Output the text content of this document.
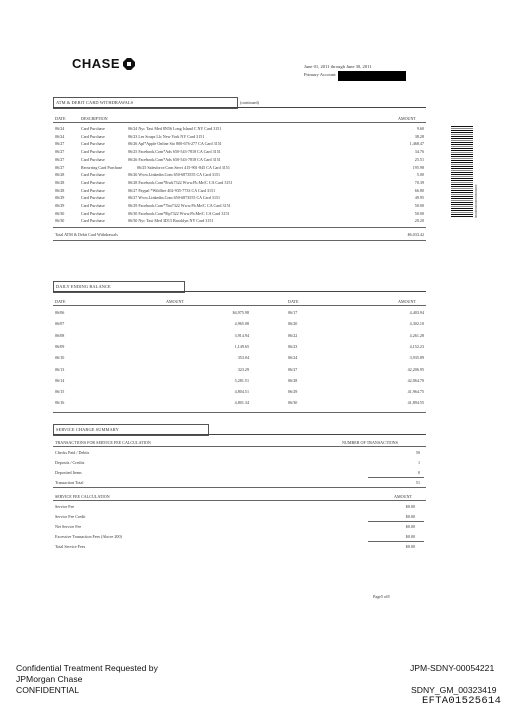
CHASE	June 01, 2011 through June 30, 2011
Primary Account:
00000000000000000000
ATM & DEBIT CARD WITHDRAWALS	(continued)
DATE	DESCRIPTION	AMOUNT
06/24	Card Purchase	06/24 Nyc Taxi Med 8N56 Long Island C NY Card 3151	9.60
06/24	Card Purchase	06/23 Les Soups Llc New York NY Card 3151	38.28
06/27	Card Purchase	06/26 Apl*Apple Online Sto 800-676-277 CA Card 3151	1,468.47
06/27	Card Purchase	06/25 Facebook.Com*Ads 650-543-7818 CA Card 3151	34.76
06/27	Card Purchase	06/26 Facebook.Com*Ads 650-543-7818 CA Card 3151	25.51
06/27	Recurring Card Purchase	06/25 Salesforce.Com Servi 415-901-845 CA Card 3151	195.98
06/28	Card Purchase	06/26 Www.Linkedin.Com 650-6873555 CA Card 3151	5.00
06/28	Card Purchase	06/28 Facebook.Com*8iwk7322 Www.Fb.Me/C CA Card 3151	70.39
06/28	Card Purchase	06/27 Paypal *Wildfire 402-935-7733 CA Card 3151	66.80
06/29	Card Purchase	06/27 Www.Linkedin.Com 650-6873555 CA Card 3151	49.95
06/29	Card Purchase	06/29 Facebook.Com*7lm7322 Www.Fb.Me/C CA Card 3151	50.00
06/30	Card Purchase	06/30 Facebook.Com*8lp7322 Www.Fb.Me/C CA Card 3151	50.00
06/30	Card Purchase	06/30 Nyc Taxi Med 3D13 Brooklyn NY Card 3151	20.20
Total ATM & Debit Card Withdrawals	$6,033.42
DAILY ENDING BALANCE
DATE	AMOUNT	DATE	AMOUNT
06/06	$4,975.98	06/17	4,403.94
06/07	4,965.08	06/20	4,302.10
06/08	3,914.94	06/22	4,261.28
06/09	1,149.65	06/23	4,152.23
06/10	353.04	06/24	3,935.89
06/13	323.29	06/27	42,206.95
06/14	5,281.51	06/28	42,064.70
06/15	4,804.51	06/29	41,964.75
06/16	4,801.34	06/30	41,894.55
SERVICE CHARGE SUMMARY
TRANSACTIONS FOR SERVICE FEE CALCULATION	NUMBER OF TRANSACTIONS
Checks Paid / Debits	50
Deposits / Credits	1
Deposited Items	0
Transaction Total	51
SERVICE FEE CALCULATION	AMOUNT
Service Fee	$0.00
Service Fee Credit	$0.00
Net Service Fee	$0.00
Excessive Transaction Fees (Above 200)	$0.00
Total Service Fees	$0.00
Page5 of8
Confidential Treatment Requested by
JPMorgan Chase
CONFIDENTIAL
JPM-SDNY-00054221
SDNY_GM_00323419
EFTA01525614
